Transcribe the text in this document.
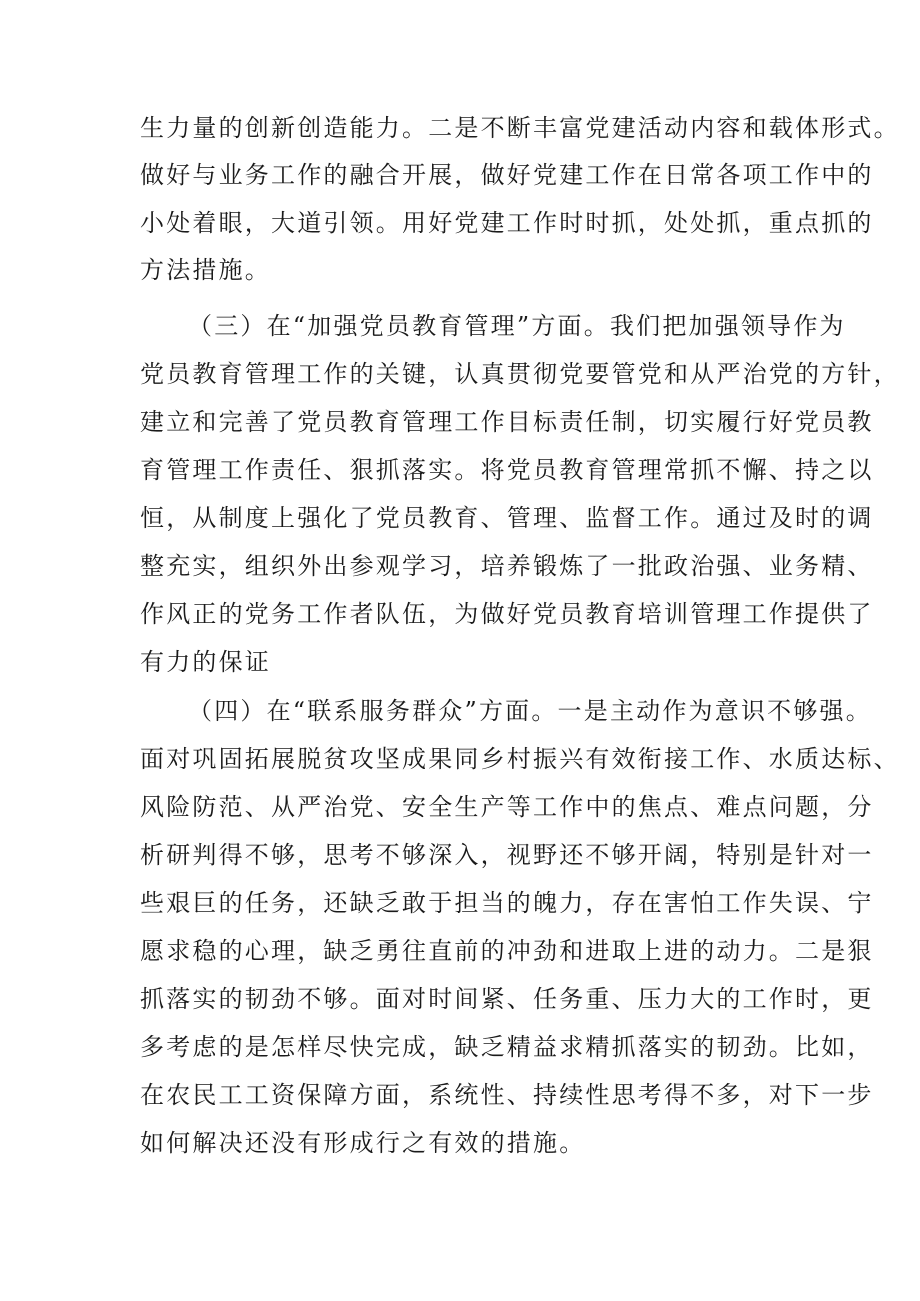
生力量的创新创造能力。二是不断丰富党建活动内容和载体形式。
做好与业务工作的融合开展，做好党建工作在日常各项工作中的
小处着眼，大道引领。用好党建工作时时抓，处处抓，重点抓的
方法措施。
（三）在“加强党员教育管理”方面。我们把加强领导作为
党员教育管理工作的关键，认真贯彻党要管党和从严治党的方针，
建立和完善了党员教育管理工作目标责任制，切实履行好党员教
育管理工作责任、狠抓落实。将党员教育管理常抓不懈、持之以
恒，从制度上强化了党员教育、管理、监督工作。通过及时的调
整充实，组织外出参观学习，培养锻炼了一批政治强、业务精、
作风正的党务工作者队伍，为做好党员教育培训管理工作提供了
有力的保证
（四）在“联系服务群众”方面。一是主动作为意识不够强。
面对巩固拓展脱贫攻坚成果同乡村振兴有效衔接工作、水质达标、
风险防范、从严治党、安全生产等工作中的焦点、难点问题，分
析研判得不够，思考不够深入，视野还不够开阔，特别是针对一
些艰巨的任务，还缺乏敢于担当的魄力，存在害怕工作失误、宁
愿求稳的心理，缺乏勇往直前的冲劲和进取上进的动力。二是狠
抓落实的韧劲不够。面对时间紧、任务重、压力大的工作时，更
多考虑的是怎样尽快完成，缺乏精益求精抓落实的韧劲。比如，
在农民工工资保障方面，系统性、持续性思考得不多，对下一步
如何解决还没有形成行之有效的措施。
